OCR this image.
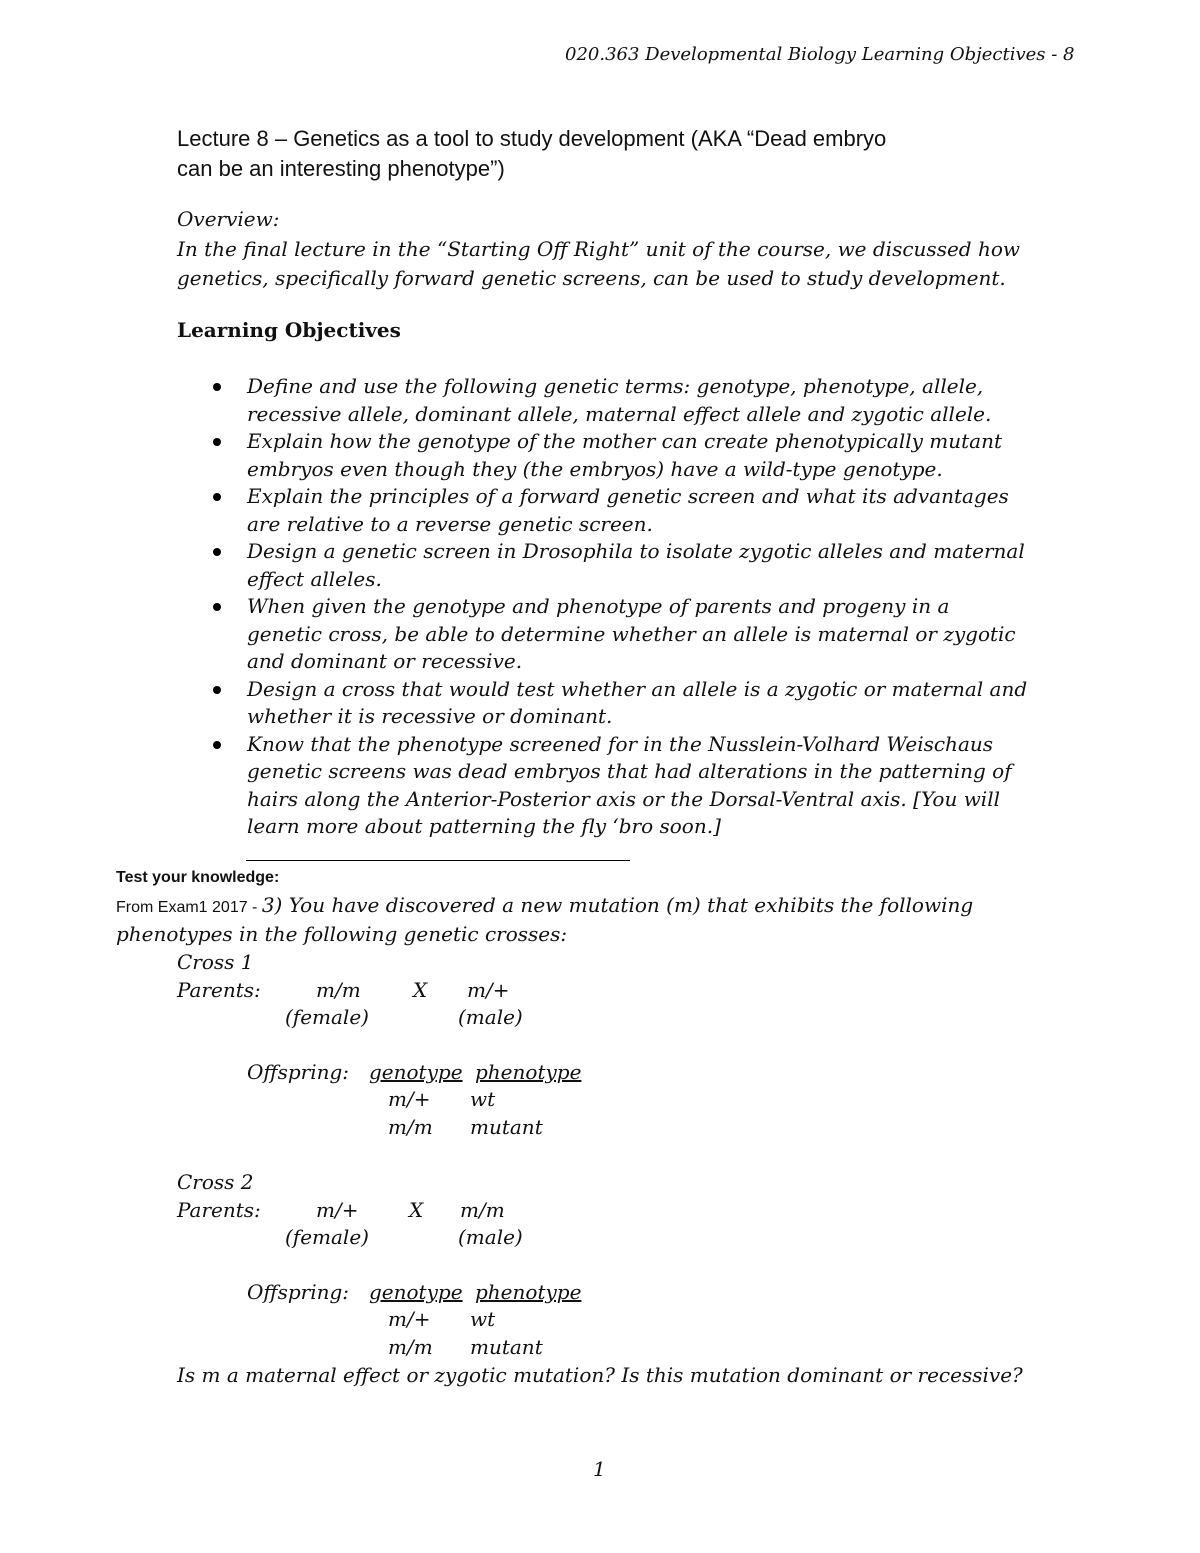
020.363 Developmental Biology Learning Objectives - 8
Lecture 8 – Genetics as a tool to study development (AKA “Dead embryo
can be an interesting phenotype”)
Overview:
In the final lecture in the “Starting Off Right” unit of the course, we discussed how
genetics, specifically forward genetic screens, can be used to study development.
Learning Objectives
Define and use the following genetic terms: genotype, phenotype, allele, recessive allele, dominant allele, maternal effect allele and zygotic allele.
Explain how the genotype of the mother can create phenotypically mutant embryos even though they (the embryos) have a wild-type genotype.
Explain the principles of a forward genetic screen and what its advantages are relative to a reverse genetic screen.
Design a genetic screen in Drosophila to isolate zygotic alleles and maternal effect alleles.
When given the genotype and phenotype of parents and progeny in a genetic cross, be able to determine whether an allele is maternal or zygotic and dominant or recessive.
Design a cross that would test whether an allele is a zygotic or maternal and whether it is recessive or dominant.
Know that the phenotype screened for in the Nusslein-Volhard Weischaus genetic screens was dead embryos that had alterations in the patterning of hairs along the Anterior-Posterior axis or the Dorsal-Ventral axis. [You will learn more about patterning the fly ‘bro soon.]
Test your knowledge:
From Exam1 2017 - 3) You have discovered a new mutation (m) that exhibits the following
phenotypes in the following genetic crosses:
Cross 1
Parents:	m/m	X m/+
(female)	(male)
Offspring: genotype phenotype
m/+ wt
m/m mutant
Cross 2
Parents:	m/+	X m/m
(female)	(male)
Offspring: genotype phenotype
m/+ wt
m/m mutant
Is m a maternal effect or zygotic mutation? Is this mutation dominant or recessive?
1
